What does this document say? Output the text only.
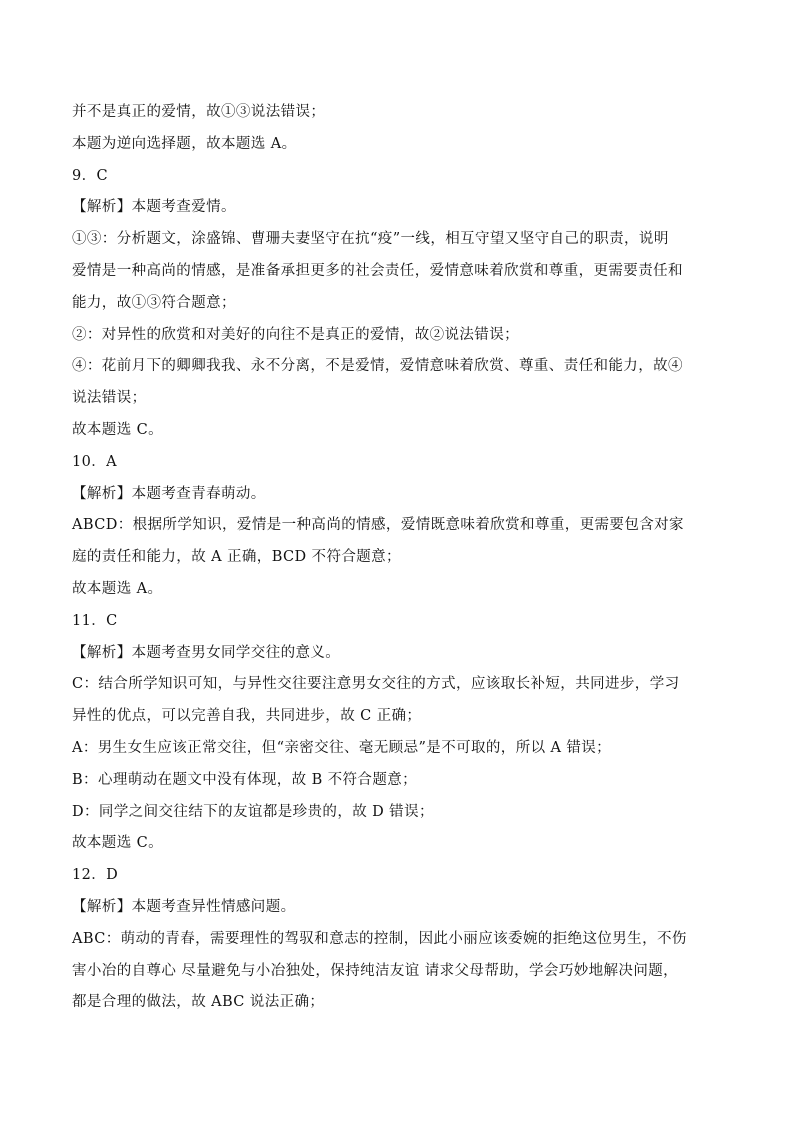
并不是真正的爱情，故①③说法错误；
本题为逆向选择题，故本题选 A。
9．C
【解析】本题考查爱情。
①③：分析题文，涂盛锦、曹珊夫妻坚守在抗“疫”一线，相互守望又坚守自己的职责，说明
爱情是一种高尚的情感，是准备承担更多的社会责任，爱情意味着欣赏和尊重，更需要责任和
能力，故①③符合题意；
②：对异性的欣赏和对美好的向往不是真正的爱情，故②说法错误；
④：花前月下的卿卿我我、永不分离，不是爱情，爱情意味着欣赏、尊重、责任和能力，故④
说法错误；
故本题选 C。
10．A
【解析】本题考查青春萌动。
ABCD：根据所学知识，爱情是一种高尚的情感，爱情既意味着欣赏和尊重，更需要包含对家
庭的责任和能力，故 A 正确，BCD 不符合题意；
故本题选 A。
11．C
【解析】本题考查男女同学交往的意义。
C：结合所学知识可知，与异性交往要注意男女交往的方式，应该取长补短，共同进步，学习
异性的优点，可以完善自我，共同进步，故 C 正确；
A：男生女生应该正常交往，但“亲密交往、毫无顾忌”是不可取的，所以 A 错误；
B：心理萌动在题文中没有体现，故 B 不符合题意；
D：同学之间交往结下的友谊都是珍贵的，故 D 错误；
故本题选 C。
12．D
【解析】本题考查异性情感问题。
ABC：萌动的青春，需要理性的驾驭和意志的控制，因此小丽应该委婉的拒绝这位男生，不伤
害小冶的自尊心 尽量避免与小冶独处，保持纯洁友谊 请求父母帮助，学会巧妙地解决问题，
都是合理的做法，故 ABC 说法正确；
